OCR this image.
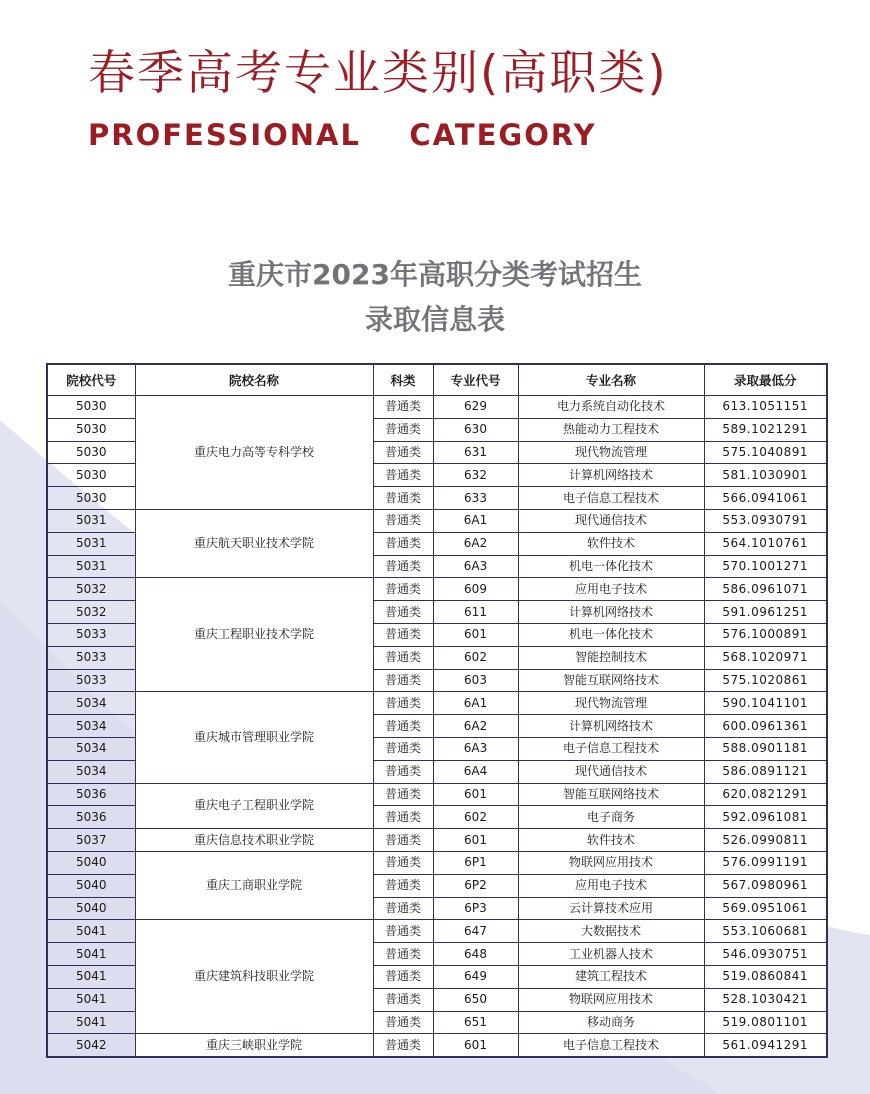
春季高考专业类别(高职类)
PROFESSIONAL    CATEGORY
重庆市2023年高职分类考试招生
录取信息表
院校代号	院校名称	科类	专业代号	专业名称	录取最低分
5030	重庆电力高等专科学校	普通类	629	电力系统自动化技术	613.1051151
5030		普通类	630	热能动力工程技术	589.1021291
5030		普通类	631	现代物流管理	575.1040891
5030		普通类	632	计算机网络技术	581.1030901
5030		普通类	633	电子信息工程技术	566.0941061
5031	重庆航天职业技术学院	普通类	6A1	现代通信技术	553.0930791
5031		普通类	6A2	软件技术	564.1010761
5031		普通类	6A3	机电一体化技术	570.1001271
5032	重庆工程职业技术学院	普通类	609	应用电子技术	586.0961071
5032		普通类	611	计算机网络技术	591.0961251
5033		普通类	601	机电一体化技术	576.1000891
5033		普通类	602	智能控制技术	568.1020971
5033		普通类	603	智能互联网络技术	575.1020861
5034	重庆城市管理职业学院	普通类	6A1	现代物流管理	590.1041101
5034		普通类	6A2	计算机网络技术	600.0961361
5034		普通类	6A3	电子信息工程技术	588.0901181
5034		普通类	6A4	现代通信技术	586.0891121
5036	重庆电子工程职业学院	普通类	601	智能互联网络技术	620.0821291
5036		普通类	602	电子商务	592.0961081
5037	重庆信息技术职业学院	普通类	601	软件技术	526.0990811
5040	重庆工商职业学院	普通类	6P1	物联网应用技术	576.0991191
5040		普通类	6P2	应用电子技术	567.0980961
5040		普通类	6P3	云计算技术应用	569.0951061
5041	重庆建筑科技职业学院	普通类	647	大数据技术	553.1060681
5041		普通类	648	工业机器人技术	546.0930751
5041		普通类	649	建筑工程技术	519.0860841
5041		普通类	650	物联网应用技术	528.1030421
5041		普通类	651	移动商务	519.0801101
5042	重庆三峡职业学院	普通类	601	电子信息工程技术	561.0941291
